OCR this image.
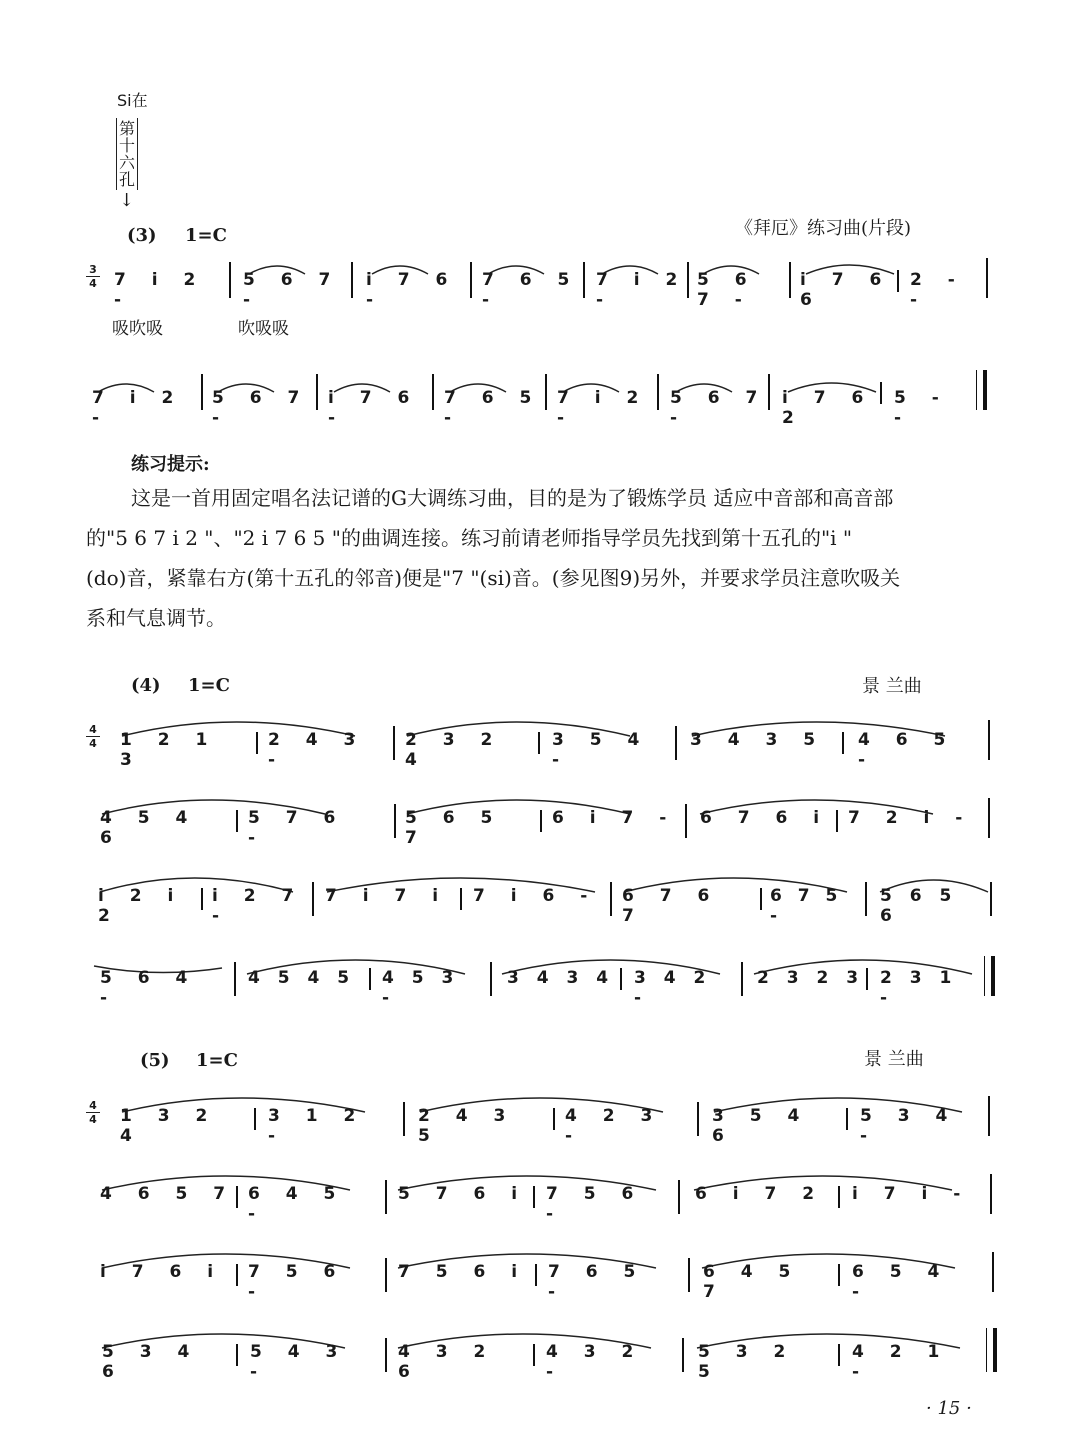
Si在
第
十
六
孔
↓
(3) 1=C	《拜厄》练习曲(片段)
3
4 7 i 2 -
5 6 7 -
i 7 6 -
7 6 5 -
7 i 2 -
5 6 7 -
i 7 6 6
2 - -
吸吹吸	吹吸吸
7 i 2 -
5 6 7 -
i 7 6 -
7 6 5 -
7 i 2 -
5 6 7 -
i 7 6 2
5 - -
练习提示:
这是一首用固定唱名法记谱的G大调练习曲，目的是为了锻炼学员 适应中音部和高音部
的"5 6 7 i 2 "、"2 i 7 6 5 "的曲调连接。练习前请老师指导学员先找到第十五孔的"i "
(do)音，紧靠右方(第十五孔的邻音)便是"7 "(si)音。(参见图9)另外，并要求学员注意吹吸关
系和气息调节。
(4) 1=C	景 兰曲
4
4 1 2 1 3
2 4 3 -
2 3 2 4
3 5 4 -
3 4 3 5 4 6 5 -
4 5 4 6
5 7 6 -
5 6 5 7
6 i 7 -	6 7 6 i 7 2 i -
i 2 i 2
i 2 7 -
7 i 7 i	7 i 6 -	6 7 6 7
6 7 5 -
5 6 5 6
5 6 4 -
4 5 4 5 4 5 3 -
3 4 3 4 3 4 2 -
2 3 2 3 2 3 1 -
(5) 1=C	景 兰曲
4
4 1 3 2 4
3 1 2 -
2 4 3 5
4 2 3 -
3 5 4 6
5 3 4 -
4 6 5 7 6 4 5 -
5 7 6 i	7 5 6 -
6 i 7 2	i 7 i -
i 7 6 i	7 5 6 -
7 5 6 i	7 6 5 -
6 4 5 7
6 5 4 -
5 3 4 6
5 4 3 -
4 3 2 6
4 3 2 -
5 3 2 5
4 2 1 -
· 15 ·
